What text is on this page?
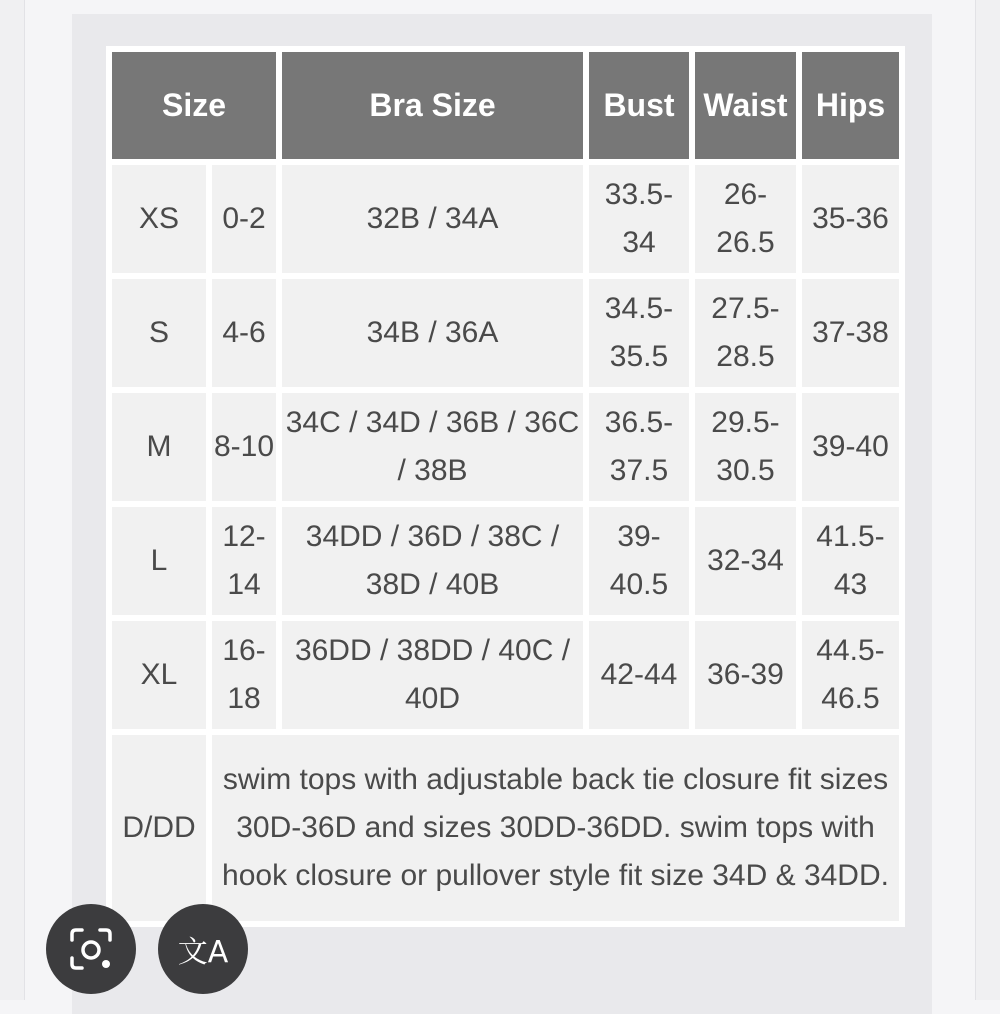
Size		Bra Size	Bust	Waist	Hips
XS	0-2	32B / 34A	33.5-34	26-26.5	35-36

S	4-6	34B / 36A	34.5-35.5	27.5-28.5	37-38

M	8-10	34C / 34D / 36B / 36C / 38B	36.5-37.5	29.5-30.5	39-40

L	12-14	34DD / 36D / 38C / 38D / 40B	39-40.5	32-34	41.5-43

XL	16-18	36DD / 38DD / 40C / 40D	42-44	36-39	44.5-46.5

D/DD	swim tops with adjustable back tie closure fit sizes 30D-36D and sizes 30DD-36DD. swim tops with hook closure or pullover style fit size 34D & 34DD.				
文A
